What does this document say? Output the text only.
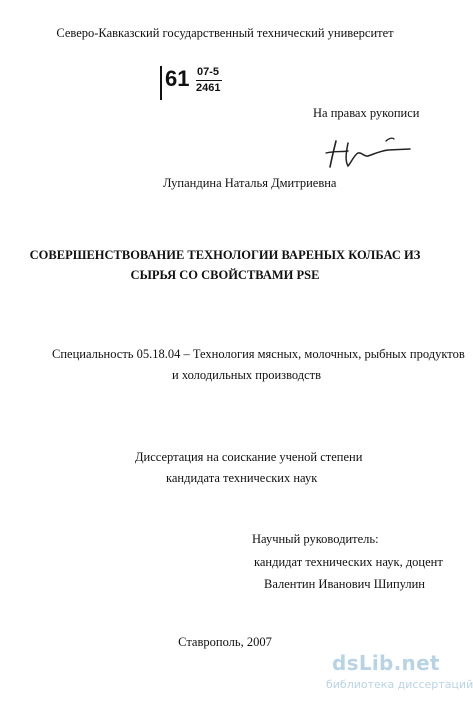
Северо-Кавказский государственный технический университет
61 07-5
2461
На правах рукописи
Лупандина Наталья Дмитриевна
СОВЕРШЕНСТВОВАНИЕ ТЕХНОЛОГИИ ВАРЕНЫХ КОЛБАС ИЗ
СЫРЬЯ СО СВОЙСТВАМИ PSE
Специальность 05.18.04 – Технология мясных, молочных, рыбных продуктов
и холодильных производств
Диссертация на соискание ученой степени
кандидата технических наук
Научный руководитель:
кандидат технических наук, доцент
Валентин Иванович Шипулин
Ставрополь, 2007
dsLib.net
библиотека диссертаций
